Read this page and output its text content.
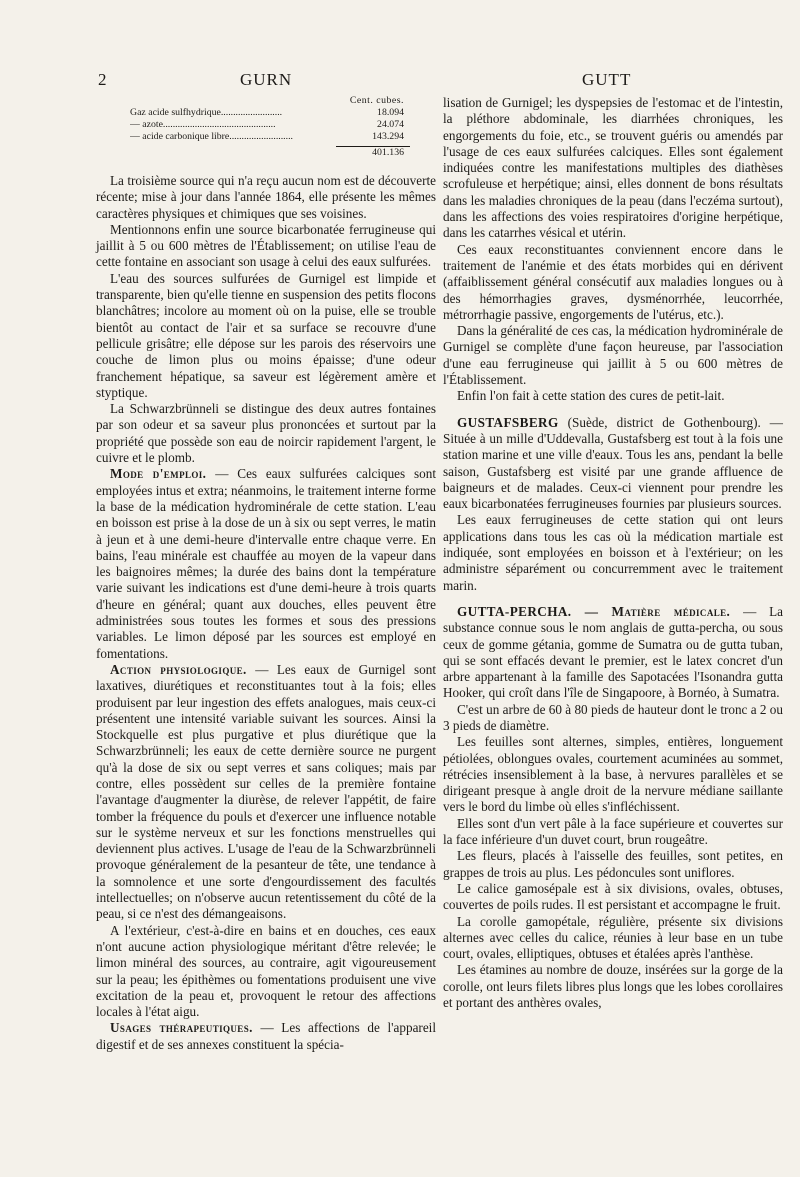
2	GURN	GUTT
Cent. cubes.
Gaz acide sulfhydrique.........................	18.094
— azote..............................................	24.074
— acide carbonique libre..........................	143.294
401.136

La troisième source qui n'a reçu aucun nom est de découverte récente; mise à jour dans l'année 1864, elle présente les mêmes caractères physiques et chimiques que ses voisines.

Mentionnons enfin une source bicarbonatée ferrugineuse qui jaillit à 5 ou 600 mètres de l'Établissement; on utilise l'eau de cette fontaine en associant son usage à celui des eaux sulfurées.

L'eau des sources sulfurées de Gurnigel est limpide et transparente, bien qu'elle tienne en suspension des petits flocons blanchâtres; incolore au moment où on la puise, elle se trouble bientôt au contact de l'air et sa surface se recouvre d'une pellicule grisâtre; elle dépose sur les parois des réservoirs une couche de limon plus ou moins épaisse; d'une odeur franchement hépatique, sa saveur est légèrement amère et styptique.

La Schwarzbrünneli se distingue des deux autres fontaines par son odeur et sa saveur plus prononcées et surtout par la propriété que possède son eau de noircir rapidement l'argent, le cuivre et le plomb.

Mode d'emploi. — Ces eaux sulfurées calciques sont employées intus et extra; néanmoins, le traitement interne forme la base de la médication hydrominérale de cette station. L'eau en boisson est prise à la dose de un à six ou sept verres, le matin à jeun et à une demi-heure d'intervalle entre chaque verre. En bains, l'eau minérale est chauffée au moyen de la vapeur dans les baignoires mêmes; la durée des bains dont la température varie suivant les indications est d'une demi-heure à trois quarts d'heure en général; quant aux douches, elles peuvent être administrées sous toutes les formes et sous des pressions variables. Le limon déposé par les sources est employé en fomentations.

Action physiologique. — Les eaux de Gurnigel sont laxatives, diurétiques et reconstituantes tout à la fois; elles produisent par leur ingestion des effets analogues, mais ceux-ci présentent une intensité variable suivant les sources. Ainsi la Stockquelle est plus purgative et plus diurétique que la Schwarzbrünneli; les eaux de cette dernière source ne purgent qu'à la dose de six ou sept verres et sans coliques; mais par contre, elles possèdent sur celles de la première fontaine l'avantage d'augmenter la diurèse, de relever l'appétit, de faire tomber la fréquence du pouls et d'exercer une influence notable sur le système nerveux et sur les fonctions menstruelles qui deviennent plus actives. L'usage de l'eau de la Schwarzbrünneli provoque généralement de la pesanteur de tête, une tendance à la somnolence et une sorte d'engourdissement des facultés intellectuelles; on n'observe aucun retentissement du côté de la peau, si ce n'est des démangeaisons.

A l'extérieur, c'est-à-dire en bains et en douches, ces eaux n'ont aucune action physiologique méritant d'être relevée; le limon minéral des sources, au contraire, agit vigoureusement sur la peau; les épithèmes ou fomentations produisent une vive excitation de la peau et, provoquent le retour des affections locales à l'état aigu.

Usages thérapeutiques. — Les affections de l'appareil digestif et de ses annexes constituent la spécia-

lisation de Gurnigel; les dyspepsies de l'estomac et de l'intestin, la pléthore abdominale, les diarrhées chroniques, les engorgements du foie, etc., se trouvent guéris ou amendés par l'usage de ces eaux sulfurées calciques. Elles sont également indiquées contre les manifestations multiples des diathèses scrofuleuse et herpétique; ainsi, elles donnent de bons résultats dans les maladies chroniques de la peau (dans l'eczéma surtout), dans les affections des voies respiratoires d'origine herpétique, dans les catarrhes vésical et utérin.

Ces eaux reconstituantes conviennent encore dans le traitement de l'anémie et des états morbides qui en dérivent (affaiblissement général consécutif aux maladies longues ou à des hémorrhagies graves, dysménorrhée, leucorrhée, métrorrhagie passive, engorgements de l'utérus, etc.).

Dans la généralité de ces cas, la médication hydrominérale de Gurnigel se complète d'une façon heureuse, par l'association d'une eau ferrugineuse qui jaillit à 5 ou 600 mètres de l'Établissement.

Enfin l'on fait à cette station des cures de petit-lait.

GUSTAFSBERG (Suède, district de Gothenbourg). — Située à un mille d'Uddevalla, Gustafsberg est tout à la fois une station marine et une ville d'eaux. Tous les ans, pendant la belle saison, Gustafsberg est visité par une grande affluence de baigneurs et de malades. Ceux-ci viennent pour prendre les eaux bicarbonatées ferrugineuses fournies par plusieurs sources.

Les eaux ferrugineuses de cette station qui ont leurs applications dans tous les cas où la médication martiale est indiquée, sont employées en boisson et à l'extérieur; on les administre séparément ou concurremment avec le traitement marin.

GUTTA-PERCHA. — Matière médicale. — La substance connue sous le nom anglais de gutta-percha, ou sous ceux de gomme gétania, gomme de Sumatra ou de gutta tuban, qui se sont effacés devant le premier, est le latex concret d'un arbre appartenant à la famille des Sapotacées l'Isonandra gutta Hooker, qui croît dans l'île de Singapoore, à Bornéo, à Sumatra.

C'est un arbre de 60 à 80 pieds de hauteur dont le tronc a 2 ou 3 pieds de diamètre.

Les feuilles sont alternes, simples, entières, longuement pétiolées, oblongues ovales, courtement acuminées au sommet, rétrécies insensiblement à la base, à nervures parallèles et se dirigeant presque à angle droit de la nervure médiane saillante vers le bord du limbe où elles s'infléchissent.

Elles sont d'un vert pâle à la face supérieure et couvertes sur la face inférieure d'un duvet court, brun rougeâtre.

Les fleurs, placés à l'aisselle des feuilles, sont petites, en grappes de trois au plus. Les pédoncules sont uniflores.

Le calice gamosépale est à six divisions, ovales, obtuses, couvertes de poils rudes. Il est persistant et accompagne le fruit.

La corolle gamopétale, régulière, présente six divisions alternes avec celles du calice, réunies à leur base en un tube court, ovales, elliptiques, obtuses et étalées après l'anthèse.

Les étamines au nombre de douze, insérées sur la gorge de la corolle, ont leurs filets libres plus longs que les lobes corollaires et portant des anthères ovales,
